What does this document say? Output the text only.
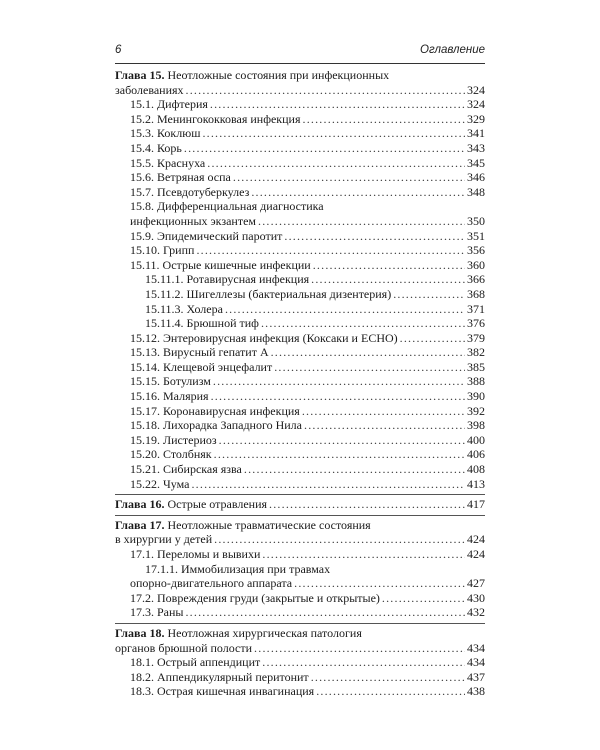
6	Оглавление
Глава 15. Неотложные состояния при инфекционных
заболеваниях .....	324
15.1. Дифтерия .....	324
15.2. Менингококковая инфекция .....	329
15.3. Коклюш .....	341
15.4. Корь .....	343
15.5. Краснуха .....	345
15.6. Ветряная оспа .....	346
15.7. Псевдотуберкулез .....	348
15.8. Дифференциальная диагностика
инфекционных экзантем .....	350
15.9. Эпидемический паротит .....	351
15.10. Грипп .....	356
15.11. Острые кишечные инфекции .....	360
15.11.1. Ротавирусная инфекция .....	366
15.11.2. Шигеллезы (бактериальная дизентерия) .....	368
15.11.3. Холера .....	371
15.11.4. Брюшной тиф .....	376
15.12. Энтеровирусная инфекция (Коксаки и ECHO) .....	379
15.13. Вирусный гепатит А .....	382
15.14. Клещевой энцефалит .....	385
15.15. Ботулизм .....	388
15.16. Малярия .....	390
15.17. Коронавирусная инфекция .....	392
15.18. Лихорадка Западного Нила .....	398
15.19. Листериоз .....	400
15.20. Столбняк .....	406
15.21. Сибирская язва .....	408
15.22. Чума .....	413
Глава 16. Острые отравления .....	417
Глава 17. Неотложные травматические состояния
в хирургии у детей .....	424
17.1. Переломы и вывихи .....	424
17.1.1. Иммобилизация при травмах
опорно-двигательного аппарата .....	427
17.2. Повреждения груди (закрытые и открытые) .....	430
17.3. Раны .....	432
Глава 18. Неотложная хирургическая патология
органов брюшной полости .....	434
18.1. Острый аппендицит .....	434
18.2. Аппендикулярный перитонит .....	437
18.3. Острая кишечная инвагинация .....	438
